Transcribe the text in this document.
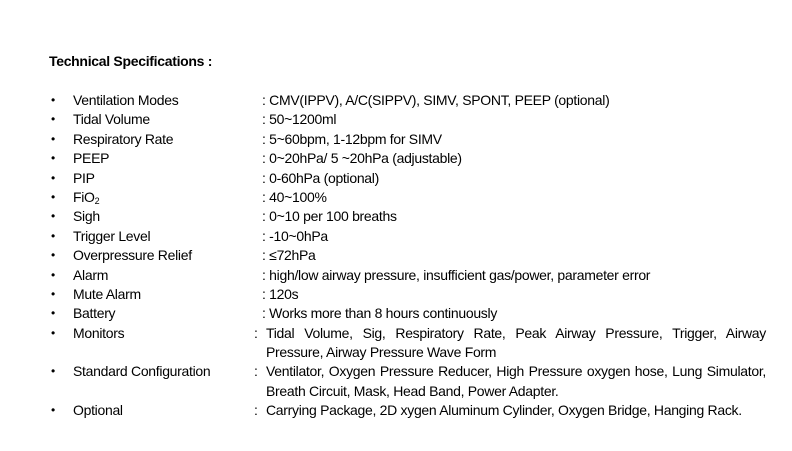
Technical Specifications :
• Ventilation Modes	: CMV(IPPV), A/C(SIPPV), SIMV, SPONT, PEEP (optional)
• Tidal Volume	: 50~1200ml
• Respiratory Rate	: 5~60bpm, 1-12bpm for SIMV
• PEEP	: 0~20hPa/ 5 ~20hPa (adjustable)
• PIP	: 0-60hPa (optional)
• FiO$_2$	: 40~100%
• Sigh	: 0~10 per 100 breaths
• Trigger Level	: -10~0hPa
• Overpressure Relief	: ≤72hPa
• Alarm	: high/low airway pressure, insufficient gas/power, parameter error
• Mute Alarm	: 120s
• Battery	: Works more than 8 hours continuously
• Monitors	: Tidal Volume, Sig, Respiratory Rate, Peak Airway Pressure, Trigger, Airway Pressure, Airway Pressure Wave Form
• Standard Configuration	: Ventilator, Oxygen Pressure Reducer, High Pressure oxygen hose, Lung Simulator, Breath Circuit, Mask, Head Band, Power Adapter.
• Optional	: Carrying Package, 2D xygen Aluminum Cylinder, Oxygen Bridge, Hanging Rack.
